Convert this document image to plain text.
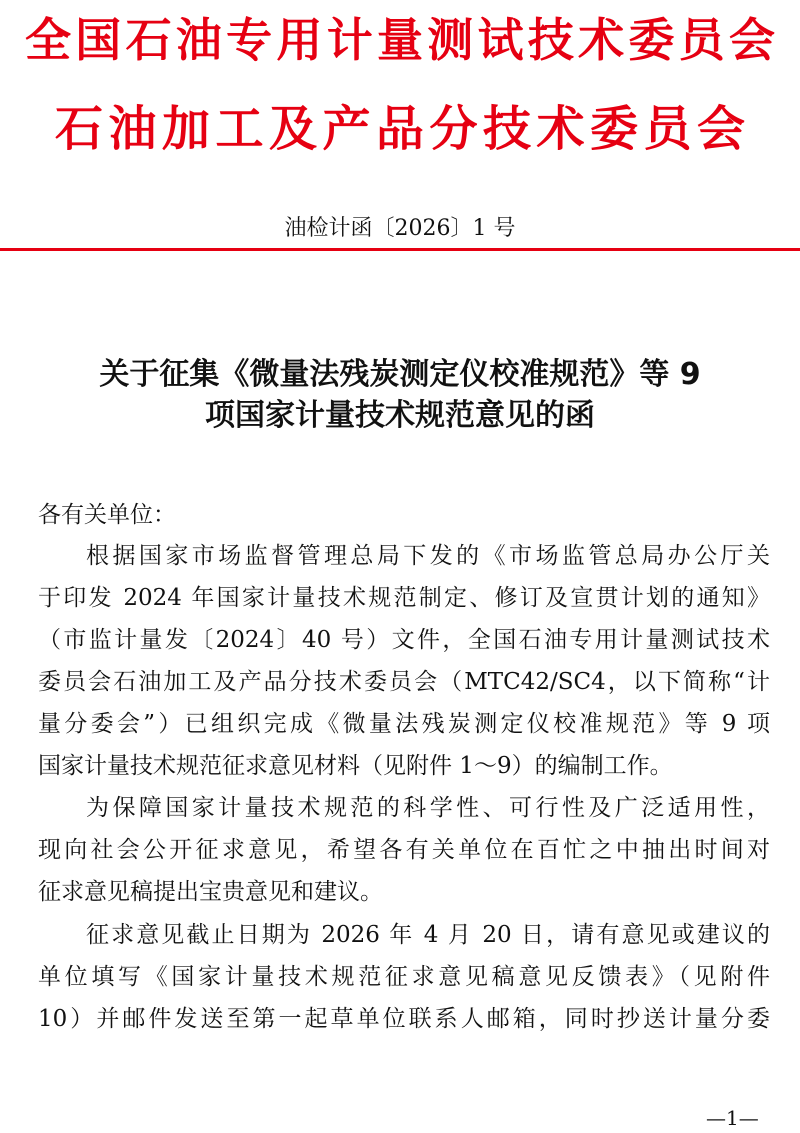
全国石油专用计量测试技术委员会
石油加工及产品分技术委员会
油检计函〔2026〕1 号
关于征集《微量法残炭测定仪校准规范》等 9
项国家计量技术规范意见的函
各有关单位：
根据国家市场监督管理总局下发的《市场监管总局办公厅关
于印发 2024 年国家计量技术规范制定、修订及宣贯计划的通知》
（市监计量发〔2024〕40 号）文件，全国石油专用计量测试技术
委员会石油加工及产品分技术委员会（MTC42/SC4，以下简称“计
量分委会”）已组织完成《微量法残炭测定仪校准规范》等 9 项
国家计量技术规范征求意见材料（见附件 1～9）的编制工作。
为保障国家计量技术规范的科学性、可行性及广泛适用性，
现向社会公开征求意见，希望各有关单位在百忙之中抽出时间对
征求意见稿提出宝贵意见和建议。
征求意见截止日期为 2026 年 4 月 20 日，请有意见或建议的
单位填写《国家计量技术规范征求意见稿意见反馈表》（见附件
10）并邮件发送至第一起草单位联系人邮箱，同时抄送计量分委
—1—
